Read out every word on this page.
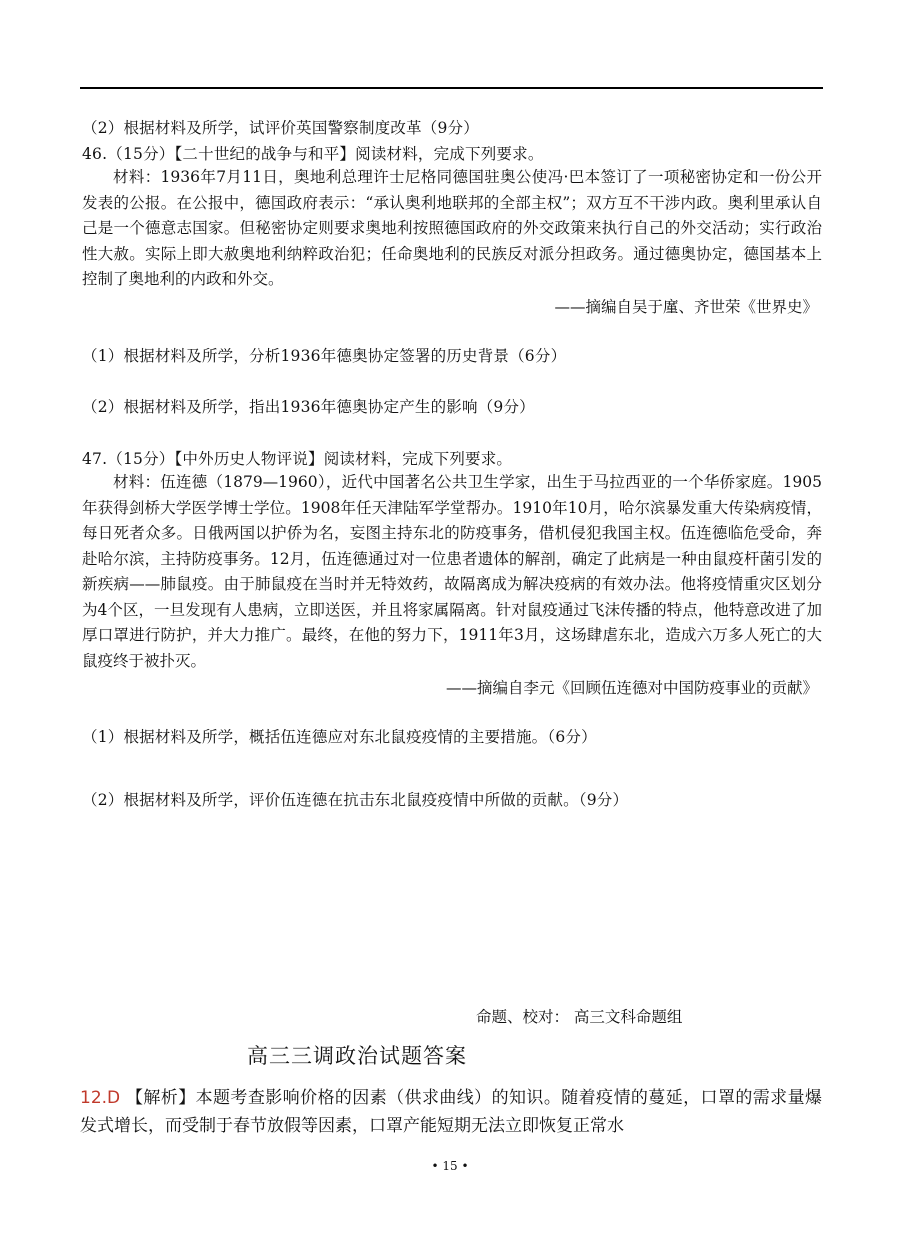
（2）根据材料及所学，试评价英国警察制度改革（9分）
46.（15分）【二十世纪的战争与和平】阅读材料，完成下列要求。
材料：1936年7月11日，奥地利总理许士尼格同德国驻奥公使冯·巴本签订了一项秘密协定和一份公开发表的公报。在公报中，德国政府表示：“承认奥利地联邦的全部主权”；双方互不干涉内政。奥利里承认自己是一个德意志国家。但秘密协定则要求奥地利按照德国政府的外交政策来执行自己的外交活动；实行政治性大赦。实际上即大赦奥地利纳粹政治犯；任命奥地利的民族反对派分担政务。通过德奥协定，德国基本上控制了奥地利的内政和外交。
——摘编自吴于廑、齐世荣《世界史》
（1）根据材料及所学，分析1936年德奥协定签署的历史背景（6分）
（2）根据材料及所学，指出1936年德奥协定产生的影响（9分）
47.（15分）【中外历史人物评说】阅读材料，完成下列要求。
材料：伍连德（1879—1960），近代中国著名公共卫生学家，出生于马拉西亚的一个华侨家庭。1905年获得剑桥大学医学博士学位。1908年任天津陆军学堂帮办。1910年10月，哈尔滨暴发重大传染病疫情，每日死者众多。日俄两国以护侨为名，妄图主持东北的防疫事务，借机侵犯我国主权。伍连德临危受命，奔赴哈尔滨，主持防疫事务。12月，伍连德通过对一位患者遗体的解剖，确定了此病是一种由鼠疫杆菌引发的新疾病——肺鼠疫。由于肺鼠疫在当时并无特效药，故隔离成为解决疫病的有效办法。他将疫情重灾区划分为4个区，一旦发现有人患病，立即送医，并且将家属隔离。针对鼠疫通过飞沫传播的特点，他特意改进了加厚口罩进行防护，并大力推广。最终，在他的努力下，1911年3月，这场肆虐东北，造成六万多人死亡的大鼠疫终于被扑灭。
——摘编自李元《回顾伍连德对中国防疫事业的贡献》
（1）根据材料及所学，概括伍连德应对东北鼠疫疫情的主要措施。（6分）
（2）根据材料及所学，评价伍连德在抗击东北鼠疫疫情中所做的贡献。（9分）
命题、校对： 高三文科命题组
高三三调政治试题答案
12.D 【解析】本题考查影响价格的因素（供求曲线）的知识。随着疫情的蔓延，口罩的需求量爆发式增长，而受制于春节放假等因素，口罩产能短期无法立即恢复正常水
• 15 •
